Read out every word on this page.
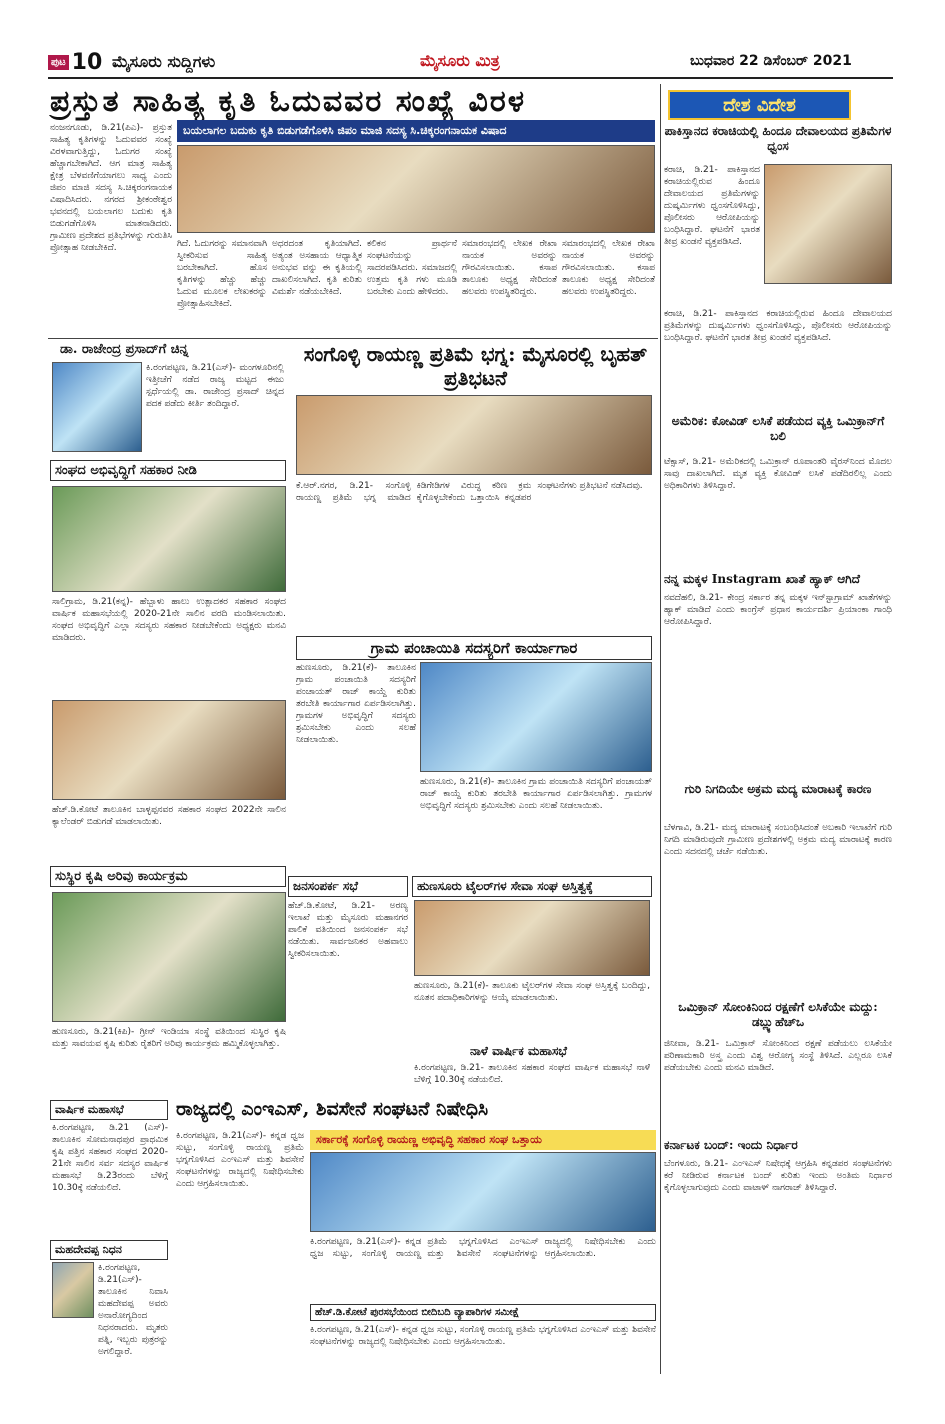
ಪುಟ 10 ಮೈಸೂರು ಸುದ್ದಿಗಳು	ಮೈಸೂರು ಮಿತ್ರ	ಬುಧವಾರ 22 ಡಿಸೆಂಬರ್ 2021
ಪ್ರಸ್ತುತ ಸಾಹಿತ್ಯ ಕೃತಿ ಓದುವವರ ಸಂಖ್ಯೆ ವಿರಳ
ಬಯಲಾಗಲ ಬದುಕು ಕೃತಿ ಬಿಡುಗಡೆಗೊಳಿಸಿ ಜಿಪಂ ಮಾಜಿ ಸದಸ್ಯ ಸಿ.ಚಿಕ್ಕರಂಗನಾಯಕ ವಿಷಾದ
ನಂಜನಗೂಡು, ಡಿ.21(ಪಿಎ)- ಪ್ರಸ್ತುತ ಸಾಹಿತ್ಯ ಕೃತಿಗಳನ್ನು ಓದುವವರ ಸಂಖ್ಯೆ ವಿರಳವಾಗುತ್ತಿದ್ದು, ಓದುಗರ ಸಂಖ್ಯೆ ಹೆಚ್ಚಾಗಬೇಕಾಗಿದೆ. ಆಗ ಮಾತ್ರ ಸಾಹಿತ್ಯ ಕ್ಷೇತ್ರ ಬೆಳವಣಿಗೆಯಾಗಲು ಸಾಧ್ಯ ಎಂದು ಜಿಪಂ ಮಾಜಿ ಸದಸ್ಯ ಸಿ.ಚಿಕ್ಕರಂಗನಾಯಕ ವಿಷಾದಿಸಿದರು. ನಗರದ ಶ್ರೀಕಂಠೇಶ್ವರ ಭವನದಲ್ಲಿ ಬಯಲಾಗಲ ಬದುಕು ಕೃತಿ ಬಿಡುಗಡೆಗೊಳಿಸಿ ಮಾತನಾಡಿದರು. ಗ್ರಾಮೀಣ ಪ್ರದೇಶದ ಪ್ರತಿಭೆಗಳನ್ನು ಗುರುತಿಸಿ ಪ್ರೋತ್ಸಾಹ ನೀಡಬೇಕಿದೆ.	ಗಿದೆ. ಓದುಗರನ್ನು ಸಮಾನವಾಗಿ ಸ್ವೀಕರಿಸುವ ಸಾಹಿತ್ಯ ಬರಬೇಕಾಗಿದೆ. ಹೊಸ ಕೃತಿಗಳನ್ನು ಹೆಚ್ಚು ಹೆಚ್ಚು ಓದುವ ಮೂಲಕ ಲೇಖಕರನ್ನು ಪ್ರೋತ್ಸಾಹಿಸಬೇಕಿದೆ.
ಅಧರದಂತ ಕೃತಿಯಾಗಿದೆ. ಅತ್ಯಂತ ಅಸಹಾಯ ಆಧ್ಯಾತ್ಮಿಕ ಅನುಭವ ವನ್ನು ಈ ಕೃತಿಯಲ್ಲಿ ದಾಖಲಿಸಲಾಗಿದೆ. ಕೃತಿ ಕುರಿತು ವಿಮರ್ಶೆ ನಡೆಯಬೇಕಿದೆ.
ಕಲಿಕನ ಪ್ರಾರ್ಥನೆ ಸಂಘಟನೆಯನ್ನು ಸಾದರಪಡಿಸಿದರು. ಸಮಾಜದಲ್ಲಿ ಉತ್ತಮ ಕೃತಿ ಗಳು ಮೂಡಿ ಬರಬೇಕು ಎಂದು ಹೇಳಿದರು.
ಸಮಾರಂಭದಲ್ಲಿ ಲೇಖಕ ರೇಖಾ ನಾಯಕ ಅವರನ್ನು ಗೌರವಿಸಲಾಯಿತು. ಕಸಾಪ ತಾಲೂಕು ಅಧ್ಯಕ್ಷ ಸೇರಿದಂತೆ ಹಲವರು ಉಪಸ್ಥಿತರಿದ್ದರು.
ಸಮಾರಂಭದಲ್ಲಿ ಲೇಖಕ ರೇಖಾ ನಾಯಕ ಅವರನ್ನು ಗೌರವಿಸಲಾಯಿತು. ಕಸಾಪ ತಾಲೂಕು ಅಧ್ಯಕ್ಷ ಸೇರಿದಂತೆ ಹಲವರು ಉಪಸ್ಥಿತರಿದ್ದರು.
ಡಾ. ರಾಜೇಂದ್ರ ಪ್ರಸಾದ್‌ಗೆ ಚಿನ್ನ
ಕಿ.ರಂಗಪಟ್ಟಣ, ಡಿ.21(ಎಸ್)- ಮಂಗಳೂರಿನಲ್ಲಿ ಇತ್ತೀಚೆಗೆ ನಡೆದ ರಾಜ್ಯ ಮಟ್ಟದ ಈಜು ಸ್ಪರ್ಧೆಯಲ್ಲಿ ಡಾ. ರಾಜೇಂದ್ರ ಪ್ರಸಾದ್ ಚಿನ್ನದ ಪದಕ ಪಡೆದು ಕೀರ್ತಿ ತಂದಿದ್ದಾರೆ.
ಸಂಘದ ಅಭಿವೃದ್ಧಿಗೆ ಸಹಕಾರ ನೀಡಿ
ಸಾಲಿಗ್ರಾಮ, ಡಿ.21(ಕನ್ನ)- ಹೆಬ್ಬಾಳು ಹಾಲು ಉತ್ಪಾದಕರ ಸಹಕಾರ ಸಂಘದ ವಾರ್ಷಿಕ ಮಹಾಸಭೆಯಲ್ಲಿ 2020-21ನೇ ಸಾಲಿನ ವರದಿ ಮಂಡಿಸಲಾಯಿತು. ಸಂಘದ ಅಭಿವೃದ್ಧಿಗೆ ಎಲ್ಲಾ ಸದಸ್ಯರು ಸಹಕಾರ ನೀಡಬೇಕೆಂದು ಅಧ್ಯಕ್ಷರು ಮನವಿ ಮಾಡಿದರು.
ಹೆಚ್.ಡಿ.ಕೋಟೆ ತಾಲೂಕಿನ ಬಾಳ್ಳಪ್ಪನವರ ಸಹಕಾರ ಸಂಘದ 2022ನೇ ಸಾಲಿನ ಕ್ಯಾಲೆಂಡರ್ ಬಿಡುಗಡೆ ಮಾಡಲಾಯಿತು.
ಸುಸ್ಥಿರ ಕೃಷಿ ಅರಿವು ಕಾರ್ಯಕ್ರಮ
ಹುಣಸೂರು, ಡಿ.21(ಕಿಪಿ)- ಗ್ರೀನ್ ಇಂಡಿಯಾ ಸಂಸ್ಥೆ ವತಿಯಿಂದ ಸುಸ್ಥಿರ ಕೃಷಿ ಮತ್ತು ಸಾವಯವ ಕೃಷಿ ಕುರಿತು ರೈತರಿಗೆ ಅರಿವು ಕಾರ್ಯಕ್ರಮ ಹಮ್ಮಿಕೊಳ್ಳಲಾಗಿತ್ತು.
ಸಂಗೊಳ್ಳಿ ರಾಯಣ್ಣ ಪ್ರತಿಮೆ ಭಗ್ನ: ಮೈಸೂರಲ್ಲಿ ಬೃಹತ್ ಪ್ರತಿಭಟನೆ
ಕೆ.ಆರ್.ನಗರ, ಡಿ.21- ಸಂಗೊಳ್ಳಿ ರಾಯಣ್ಣ ಪ್ರತಿಮೆ ಭಗ್ನ ಮಾಡಿದ ಕಿಡಿಗೇಡಿಗಳ ವಿರುದ್ಧ ಕಠಿಣ ಕ್ರಮ ಕೈಗೊಳ್ಳಬೇಕೆಂದು ಒತ್ತಾಯಿಸಿ ಕನ್ನಡಪರ ಸಂಘಟನೆಗಳು ಪ್ರತಿಭಟನೆ ನಡೆಸಿದವು.
ಗ್ರಾಮ ಪಂಚಾಯಿತಿ ಸದಸ್ಯರಿಗೆ ಕಾರ್ಯಾಗಾರ
ಹುಣಸೂರು, ಡಿ.21(ಕೆ)- ತಾಲೂಕಿನ ಗ್ರಾಮ ಪಂಚಾಯಿತಿ ಸದಸ್ಯರಿಗೆ ಪಂಚಾಯತ್ ರಾಜ್ ಕಾಯ್ದೆ ಕುರಿತು ತರಬೇತಿ ಕಾರ್ಯಾಗಾರ ಏರ್ಪಡಿಸಲಾಗಿತ್ತು. ಗ್ರಾಮಗಳ ಅಭಿವೃದ್ಧಿಗೆ ಸದಸ್ಯರು ಶ್ರಮಿಸಬೇಕು ಎಂದು ಸಲಹೆ ನೀಡಲಾಯಿತು.
ಹುಣಸೂರು, ಡಿ.21(ಕೆ)- ತಾಲೂಕಿನ ಗ್ರಾಮ ಪಂಚಾಯಿತಿ ಸದಸ್ಯರಿಗೆ ಪಂಚಾಯತ್ ರಾಜ್ ಕಾಯ್ದೆ ಕುರಿತು ತರಬೇತಿ ಕಾರ್ಯಾಗಾರ ಏರ್ಪಡಿಸಲಾಗಿತ್ತು. ಗ್ರಾಮಗಳ ಅಭಿವೃದ್ಧಿಗೆ ಸದಸ್ಯರು ಶ್ರಮಿಸಬೇಕು ಎಂದು ಸಲಹೆ ನೀಡಲಾಯಿತು.
ಜನಸಂಪರ್ಕ ಸಭೆ
ಹೆಚ್.ಡಿ.ಕೋಟೆ, ಡಿ.21- ಅರಣ್ಯ ಇಲಾಖೆ ಮತ್ತು ಮೈಸೂರು ಮಹಾನಗರ ಪಾಲಿಕೆ ವತಿಯಿಂದ ಜನಸಂಪರ್ಕ ಸಭೆ ನಡೆಯಿತು. ಸಾರ್ವಜನಿಕರ ಅಹವಾಲು ಸ್ವೀಕರಿಸಲಾಯಿತು.
ಹುಣಸೂರು ಟೈಲರ್‌ಗಳ ಸೇವಾ ಸಂಘ ಅಸ್ತಿತ್ವಕ್ಕೆ
ಹುಣಸೂರು, ಡಿ.21(ಕೆ)- ತಾಲೂಕು ಟೈಲರ್‌ಗಳ ಸೇವಾ ಸಂಘ ಅಸ್ತಿತ್ವಕ್ಕೆ ಬಂದಿದ್ದು, ನೂತನ ಪದಾಧಿಕಾರಿಗಳನ್ನು ಆಯ್ಕೆ ಮಾಡಲಾಯಿತು.
ನಾಳೆ ವಾರ್ಷಿಕ ಮಹಾಸಭೆ
ಕಿ.ರಂಗಪಟ್ಟಣ, ಡಿ.21- ತಾಲೂಕಿನ ಸಹಕಾರ ಸಂಘದ ವಾರ್ಷಿಕ ಮಹಾಸಭೆ ನಾಳೆ ಬೆಳಿಗ್ಗೆ 10.30ಕ್ಕೆ ನಡೆಯಲಿದೆ.
ವಾರ್ಷಿಕ ಮಹಾಸಭೆ
ಕಿ.ರಂಗಪಟ್ಟಣ, ಡಿ.21 (ಎಸ್)- ತಾಲೂಕಿನ ಸೋಮನಾಥಪುರ ಪ್ರಾಥಮಿಕ ಕೃಷಿ ಪತ್ತಿನ ಸಹಕಾರ ಸಂಘದ 2020-21ನೇ ಸಾಲಿನ ಸರ್ವ ಸದಸ್ಯರ ವಾರ್ಷಿಕ ಮಹಾಸಭೆ ಡಿ.23ರಂದು ಬೆಳಿಗ್ಗೆ 10.30ಕ್ಕೆ ನಡೆಯಲಿದೆ.
ಮಹದೇವಪ್ಪ ನಿಧನ
ಕಿ.ರಂಗಪಟ್ಟಣ, ಡಿ.21(ಎಸ್)- ತಾಲೂಕಿನ ನಿವಾಸಿ ಮಹದೇವಪ್ಪ ಅವರು ಅನಾರೋಗ್ಯದಿಂದ ನಿಧನರಾದರು. ಮೃತರು ಪತ್ನಿ, ಇಬ್ಬರು ಪುತ್ರರನ್ನು ಅಗಲಿದ್ದಾರೆ.
ರಾಜ್ಯದಲ್ಲಿ ಎಂಇಎಸ್, ಶಿವಸೇನೆ ಸಂಘಟನೆ ನಿಷೇಧಿಸಿ
ಸರ್ಕಾರಕ್ಕೆ ಸಂಗೊಳ್ಳಿ ರಾಯಣ್ಣ ಅಭಿವೃದ್ಧಿ ಸಹಕಾರ ಸಂಘ ಒತ್ತಾಯ
ಕಿ.ರಂಗಪಟ್ಟಣ, ಡಿ.21(ಎಸ್)- ಕನ್ನಡ ಧ್ವಜ ಸುಟ್ಟು, ಸಂಗೊಳ್ಳಿ ರಾಯಣ್ಣ ಪ್ರತಿಮೆ ಭಗ್ನಗೊಳಿಸಿದ ಎಂಇಎಸ್ ಮತ್ತು ಶಿವಸೇನೆ ಸಂಘಟನೆಗಳನ್ನು ರಾಜ್ಯದಲ್ಲಿ ನಿಷೇಧಿಸಬೇಕು ಎಂದು ಆಗ್ರಹಿಸಲಾಯಿತು.
ಕಿ.ರಂಗಪಟ್ಟಣ, ಡಿ.21(ಎಸ್)- ಕನ್ನಡ ಧ್ವಜ ಸುಟ್ಟು, ಸಂಗೊಳ್ಳಿ ರಾಯಣ್ಣ ಪ್ರತಿಮೆ ಭಗ್ನಗೊಳಿಸಿದ ಎಂಇಎಸ್ ಮತ್ತು ಶಿವಸೇನೆ ಸಂಘಟನೆಗಳನ್ನು ರಾಜ್ಯದಲ್ಲಿ ನಿಷೇಧಿಸಬೇಕು ಎಂದು ಆಗ್ರಹಿಸಲಾಯಿತು.
ಹೆಚ್.ಡಿ.ಕೋಟೆ ಪುರಸಭೆಯಿಂದ ಬೀದಿಬದಿ ವ್ಯಾಪಾರಿಗಳ ಸಮೀಕ್ಷೆ
ಕಿ.ರಂಗಪಟ್ಟಣ, ಡಿ.21(ಎಸ್)- ಕನ್ನಡ ಧ್ವಜ ಸುಟ್ಟು, ಸಂಗೊಳ್ಳಿ ರಾಯಣ್ಣ ಪ್ರತಿಮೆ ಭಗ್ನಗೊಳಿಸಿದ ಎಂಇಎಸ್ ಮತ್ತು ಶಿವಸೇನೆ ಸಂಘಟನೆಗಳನ್ನು ರಾಜ್ಯದಲ್ಲಿ ನಿಷೇಧಿಸಬೇಕು ಎಂದು ಆಗ್ರಹಿಸಲಾಯಿತು.
ದೇಶ ವಿದೇಶ
ಪಾಕಿಸ್ತಾನದ ಕರಾಚಿಯಲ್ಲಿ ಹಿಂದೂ ದೇವಾಲಯದ ಪ್ರತಿಮೆಗಳ ಧ್ವಂಸ
ಕರಾಚಿ, ಡಿ.21- ಪಾಕಿಸ್ತಾನದ ಕರಾಚಿಯಲ್ಲಿರುವ ಹಿಂದೂ ದೇವಾಲಯದ ಪ್ರತಿಮೆಗಳನ್ನು ದುಷ್ಕರ್ಮಿಗಳು ಧ್ವಂಸಗೊಳಿಸಿದ್ದು, ಪೊಲೀಸರು ಆರೋಪಿಯನ್ನು ಬಂಧಿಸಿದ್ದಾರೆ. ಘಟನೆಗೆ ಭಾರತ ತೀವ್ರ ಖಂಡನೆ ವ್ಯಕ್ತಪಡಿಸಿದೆ.
ಕರಾಚಿ, ಡಿ.21- ಪಾಕಿಸ್ತಾನದ ಕರಾಚಿಯಲ್ಲಿರುವ ಹಿಂದೂ ದೇವಾಲಯದ ಪ್ರತಿಮೆಗಳನ್ನು ದುಷ್ಕರ್ಮಿಗಳು ಧ್ವಂಸಗೊಳಿಸಿದ್ದು, ಪೊಲೀಸರು ಆರೋಪಿಯನ್ನು ಬಂಧಿಸಿದ್ದಾರೆ. ಘಟನೆಗೆ ಭಾರತ ತೀವ್ರ ಖಂಡನೆ ವ್ಯಕ್ತಪಡಿಸಿದೆ.
ಅಮೆರಿಕ: ಕೋವಿಡ್ ಲಸಿಕೆ ಪಡೆಯದ ವ್ಯಕ್ತಿ ಒಮಿಕ್ರಾನ್‌ಗೆ ಬಲಿ
ಟೆಕ್ಸಾಸ್, ಡಿ.21- ಅಮೆರಿಕದಲ್ಲಿ ಒಮಿಕ್ರಾನ್ ರೂಪಾಂತರಿ ವೈರಸ್‌ನಿಂದ ಮೊದಲ ಸಾವು ದಾಖಲಾಗಿದೆ. ಮೃತ ವ್ಯಕ್ತಿ ಕೋವಿಡ್ ಲಸಿಕೆ ಪಡೆದಿರಲಿಲ್ಲ ಎಂದು ಅಧಿಕಾರಿಗಳು ತಿಳಿಸಿದ್ದಾರೆ.
ನನ್ನ ಮಕ್ಕಳ Instagram ಖಾತೆ ಹ್ಯಾಕ್ ಆಗಿದೆ
ನವದೆಹಲಿ, ಡಿ.21- ಕೇಂದ್ರ ಸರ್ಕಾರ ತನ್ನ ಮಕ್ಕಳ ಇನ್‌ಸ್ಟಾಗ್ರಾಮ್ ಖಾತೆಗಳನ್ನು ಹ್ಯಾಕ್ ಮಾಡಿದೆ ಎಂದು ಕಾಂಗ್ರೆಸ್ ಪ್ರಧಾನ ಕಾರ್ಯದರ್ಶಿ ಪ್ರಿಯಾಂಕಾ ಗಾಂಧಿ ಆರೋಪಿಸಿದ್ದಾರೆ.
ಗುರಿ ನಿಗದಿಯೇ ಅಕ್ರಮ ಮದ್ಯ ಮಾರಾಟಕ್ಕೆ ಕಾರಣ
ಬೆಳಗಾವಿ, ಡಿ.21- ಮದ್ಯ ಮಾರಾಟಕ್ಕೆ ಸಂಬಂಧಿಸಿದಂತೆ ಅಬಕಾರಿ ಇಲಾಖೆಗೆ ಗುರಿ ನಿಗದಿ ಮಾಡಿರುವುದೇ ಗ್ರಾಮೀಣ ಪ್ರದೇಶಗಳಲ್ಲಿ ಅಕ್ರಮ ಮದ್ಯ ಮಾರಾಟಕ್ಕೆ ಕಾರಣ ಎಂದು ಸದನದಲ್ಲಿ ಚರ್ಚೆ ನಡೆಯಿತು.
ಒಮಿಕ್ರಾನ್ ಸೋಂಕಿನಿಂದ ರಕ್ಷಣೆಗೆ ಲಸಿಕೆಯೇ ಮದ್ದು: ಡಬ್ಲ್ಯುಹೆಚ್ಒ
ಜಿನೀವಾ, ಡಿ.21- ಒಮಿಕ್ರಾನ್ ಸೋಂಕಿನಿಂದ ರಕ್ಷಣೆ ಪಡೆಯಲು ಲಸಿಕೆಯೇ ಪರಿಣಾಮಕಾರಿ ಅಸ್ತ್ರ ಎಂದು ವಿಶ್ವ ಆರೋಗ್ಯ ಸಂಸ್ಥೆ ತಿಳಿಸಿದೆ. ಎಲ್ಲರೂ ಲಸಿಕೆ ಪಡೆಯಬೇಕು ಎಂದು ಮನವಿ ಮಾಡಿದೆ.
ಕರ್ನಾಟಕ ಬಂದ್: ಇಂದು ನಿರ್ಧಾರ
ಬೆಂಗಳೂರು, ಡಿ.21- ಎಂಇಎಸ್ ನಿಷೇಧಕ್ಕೆ ಆಗ್ರಹಿಸಿ ಕನ್ನಡಪರ ಸಂಘಟನೆಗಳು ಕರೆ ನೀಡಿರುವ ಕರ್ನಾಟಕ ಬಂದ್ ಕುರಿತು ಇಂದು ಅಂತಿಮ ನಿರ್ಧಾರ ಕೈಗೊಳ್ಳಲಾಗುವುದು ಎಂದು ವಾಟಾಳ್ ನಾಗರಾಜ್ ತಿಳಿಸಿದ್ದಾರೆ.
